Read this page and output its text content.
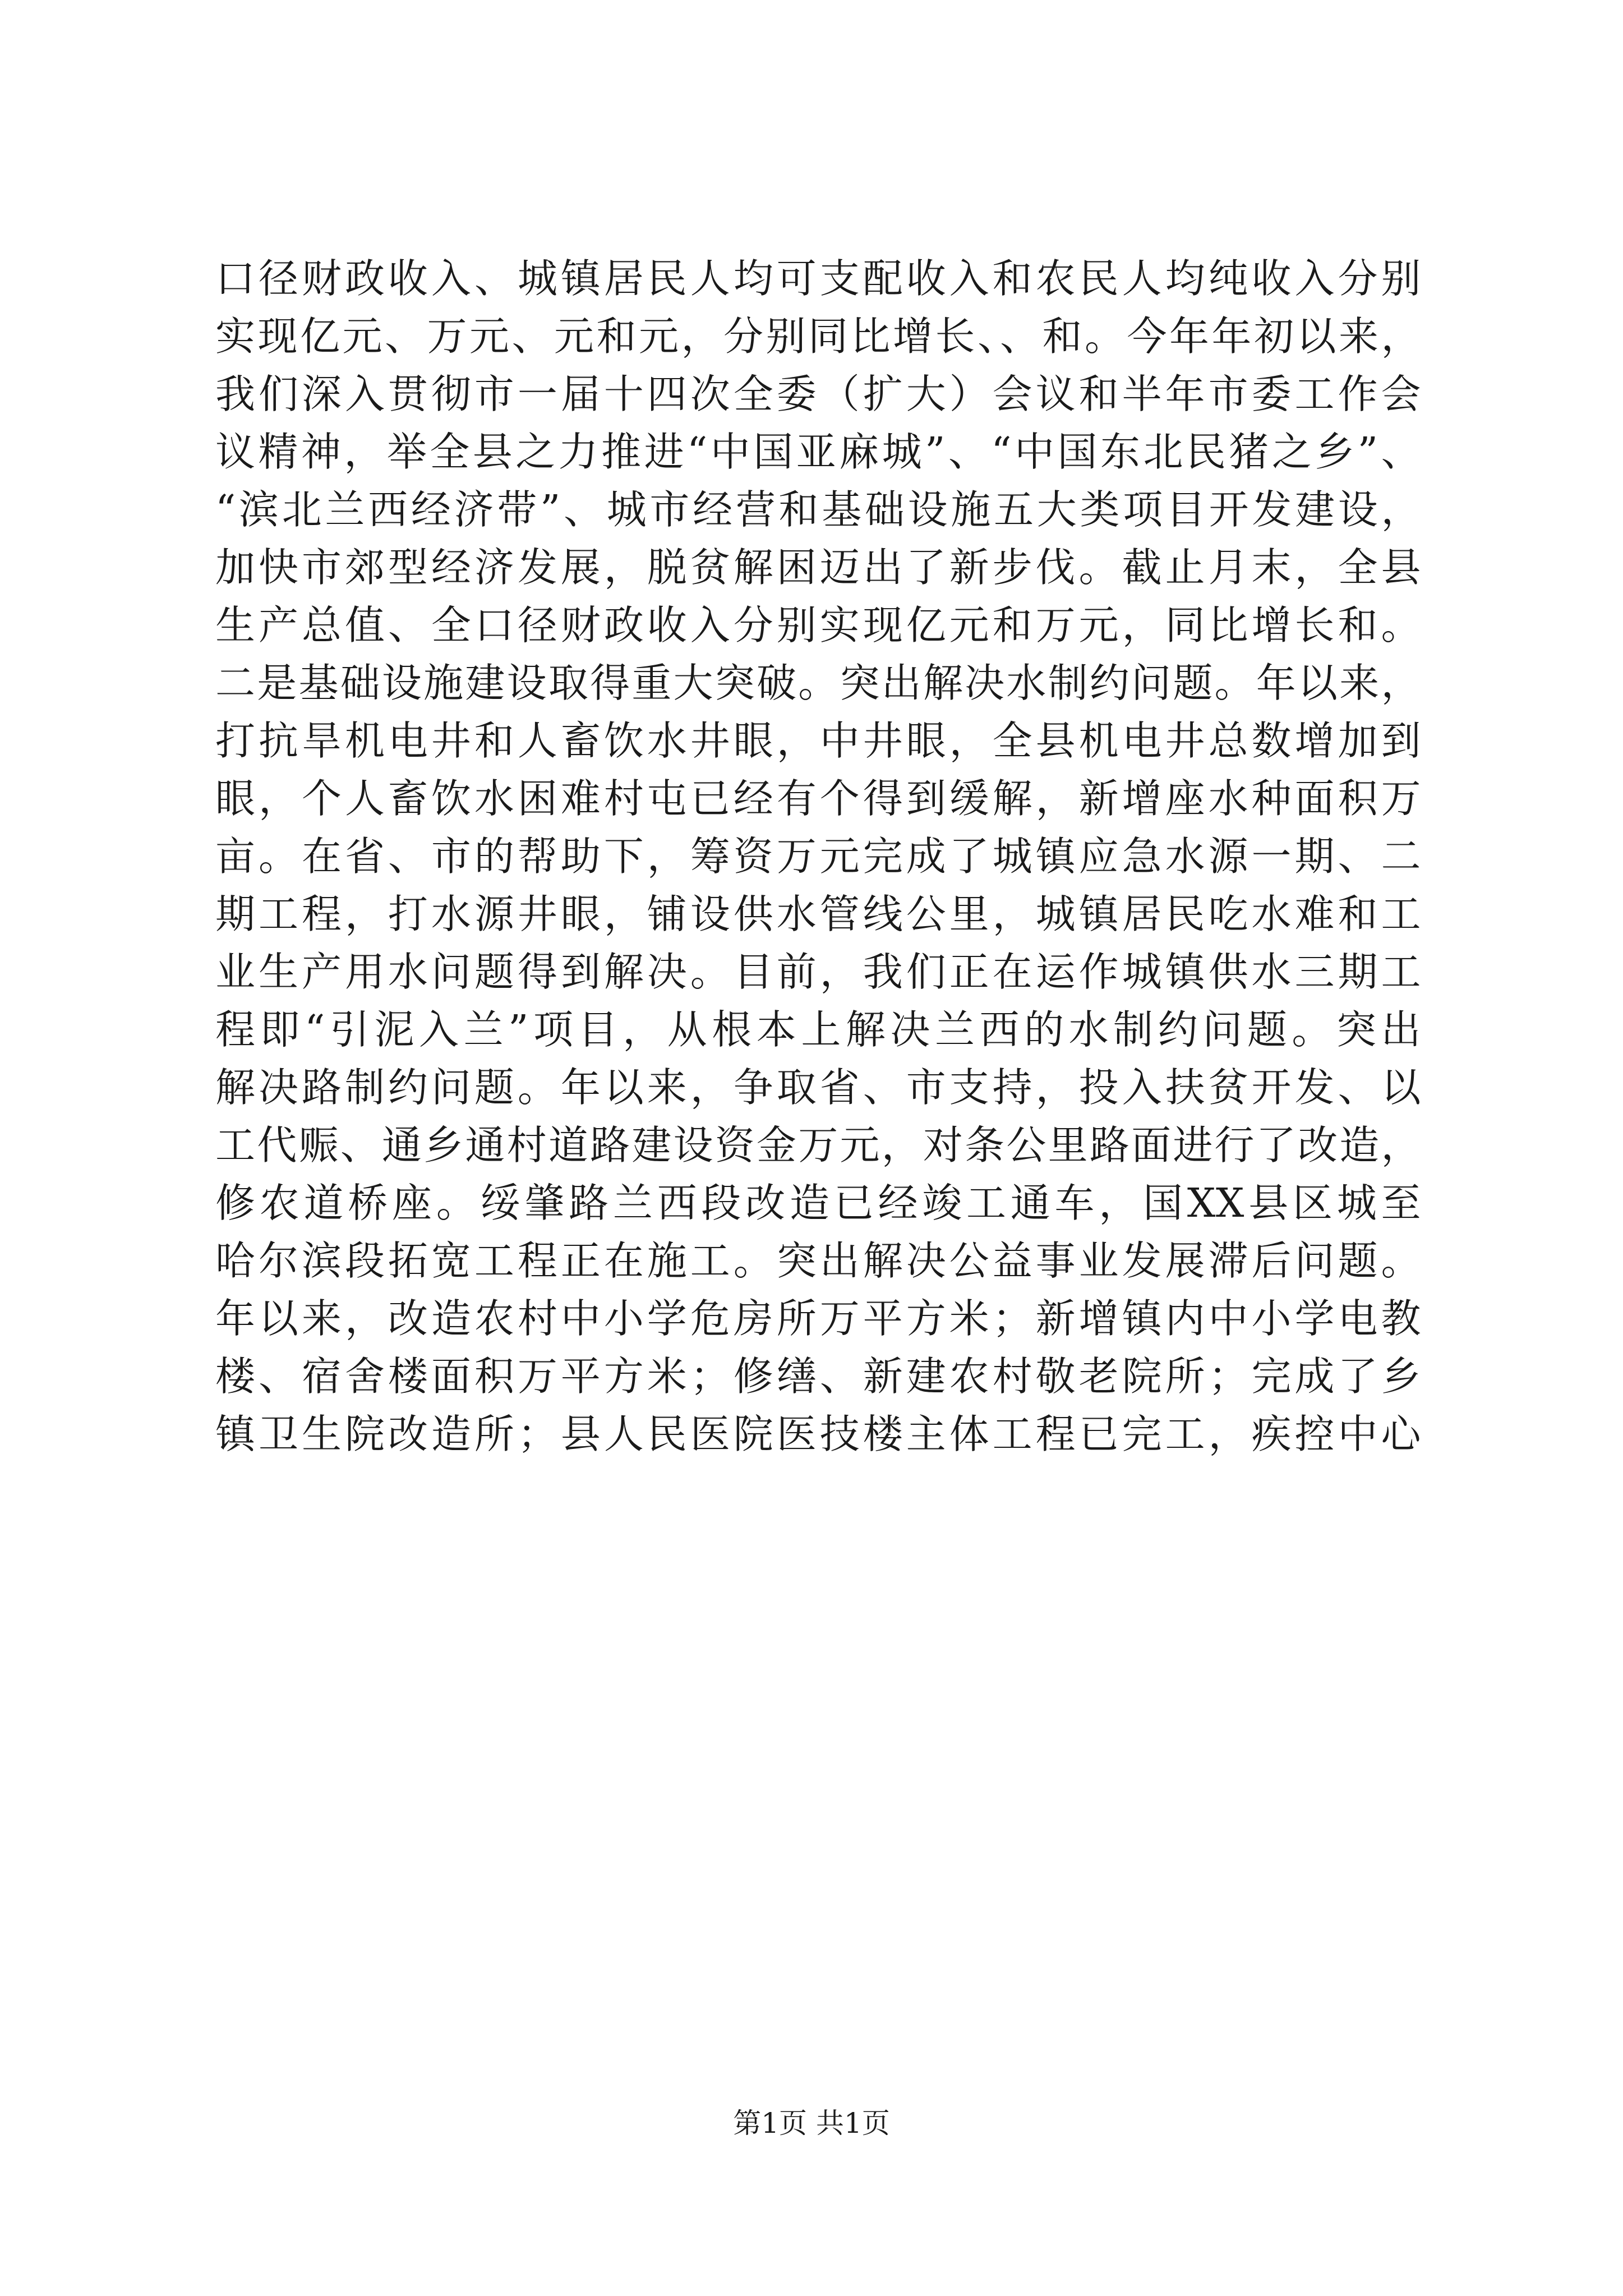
口径财政收入、城镇居民人均可支配收入和农民人均纯收入分别
实现亿元、万元、元和元，分别同比增长、、和。今年年初以来，
我们深入贯彻市一届十四次全委（扩大）会议和半年市委工作会
议精神，举全县之力推进“中国亚麻城”、“中国东北民猪之乡”、
“滨北兰西经济带”、城市经营和基础设施五大类项目开发建设，
加快市郊型经济发展，脱贫解困迈出了新步伐。截止月末，全县
生产总值、全口径财政收入分别实现亿元和万元，同比增长和。
二是基础设施建设取得重大突破。突出解决水制约问题。年以来，
打抗旱机电井和人畜饮水井眼，中井眼，全县机电井总数增加到
眼，个人畜饮水困难村屯已经有个得到缓解，新增座水种面积万
亩。在省、市的帮助下，筹资万元完成了城镇应急水源一期、二
期工程，打水源井眼，铺设供水管线公里，城镇居民吃水难和工
业生产用水问题得到解决。目前，我们正在运作城镇供水三期工
程即“引泥入兰”项目，从根本上解决兰西的水制约问题。突出
解决路制约问题。年以来，争取省、市支持，投入扶贫开发、以
工代赈、通乡通村道路建设资金万元，对条公里路面进行了改造，
修农道桥座。绥肇路兰西段改造已经竣工通车，国XX县区城至
哈尔滨段拓宽工程正在施工。突出解决公益事业发展滞后问题。
年以来，改造农村中小学危房所万平方米；新增镇内中小学电教
楼、宿舍楼面积万平方米；修缮、新建农村敬老院所；完成了乡
镇卫生院改造所；县人民医院医技楼主体工程已完工，疾控中心
第1页 共1页
